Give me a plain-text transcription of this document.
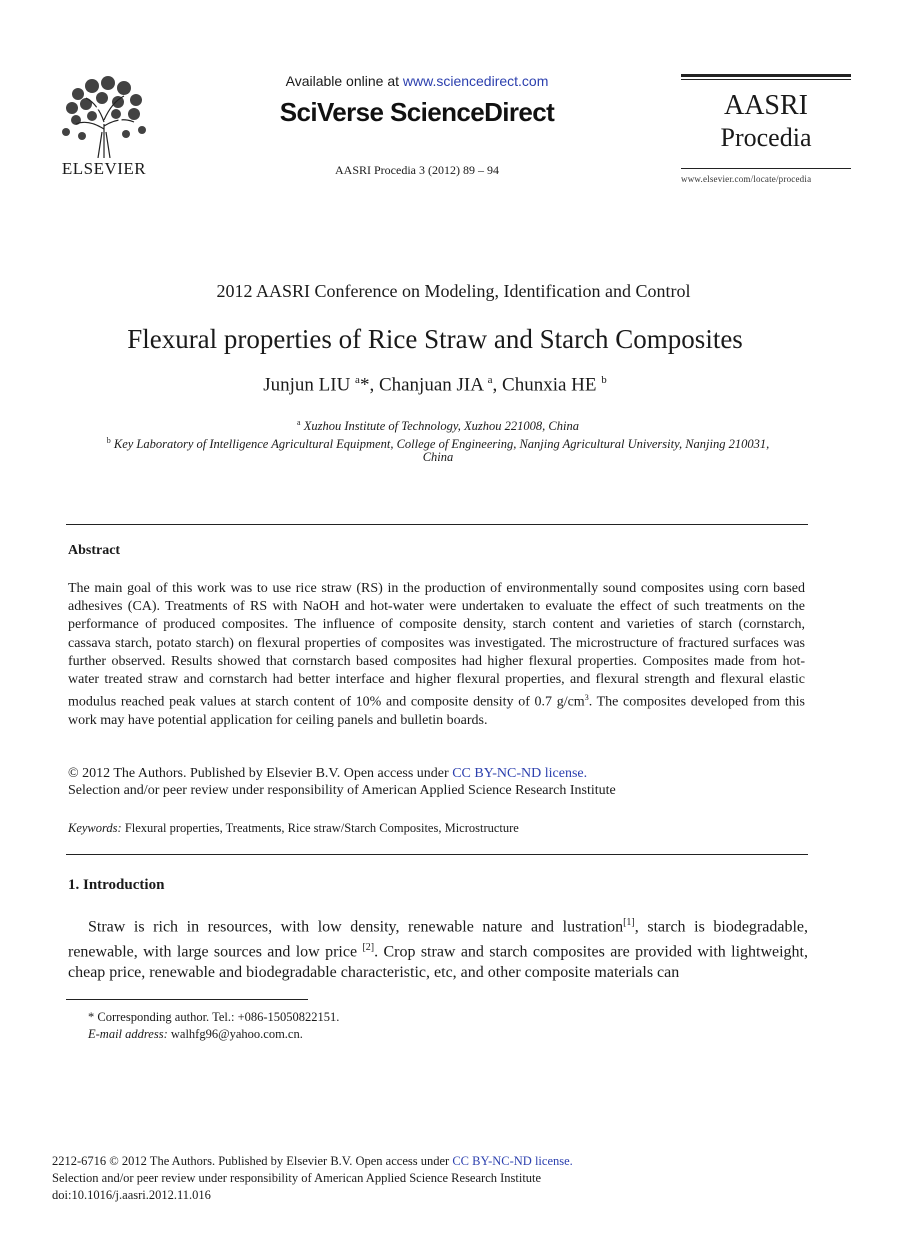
ELSEVIER
Available online at www.sciencedirect.com
SciVerse ScienceDirect
AASRI Procedia 3 (2012) 89 – 94
AASRI
Procedia
www.elsevier.com/locate/procedia
2012 AASRI Conference on Modeling, Identification and Control
Flexural properties of Rice Straw and Starch Composites
Junjun LIU $^a$*, Chanjuan JIA $^a$, Chunxia HE $^b$
$^a$ Xuzhou Institute of Technology, Xuzhou 221008, China
$^b$ Key Laboratory of Intelligence Agricultural Equipment, College of Engineering, Nanjing Agricultural University, Nanjing 210031,
China
Abstract
The main goal of this work was to use rice straw (RS) in the production of environmentally sound composites using corn based adhesives (CA). Treatments of RS with NaOH and hot-water were undertaken to evaluate the effect of such treatments on the performance of produced composites. The influence of composite density, starch content and varieties of starch (cornstarch, cassava starch, potato starch) on flexural properties of composites was investigated. The microstructure of fractured surfaces was further observed. Results showed that cornstarch based composites had higher flexural properties. Composites made from hot-water treated straw and cornstarch had better interface and higher flexural properties, and flexural strength and flexural elastic modulus reached peak values at starch content of 10% and composite density of 0.7 $g/cm^3$. The composites developed from this work may have potential application for ceiling panels and bulletin boards.
© 2012 The Authors. Published by Elsevier B.V. Open access under CC BY-NC-ND license.
Selection and/or peer review under responsibility of American Applied Science Research Institute
Keywords: Flexural properties, Treatments, Rice straw/Starch Composites, Microstructure
1. Introduction
Straw is rich in resources, with low density, renewable nature and lustration[1], starch is biodegradable, renewable, with large sources and low price [2]. Crop straw and starch composites are provided with lightweight, cheap price, renewable and biodegradable characteristic, etc, and other composite materials can
* Corresponding author. Tel.: +086-15050822151.
E-mail address: walhfg96@yahoo.com.cn.
2212-6716 © 2012 The Authors. Published by Elsevier B.V. Open access under CC BY-NC-ND license.
Selection and/or peer review under responsibility of American Applied Science Research Institute
doi:10.1016/j.aasri.2012.11.016
